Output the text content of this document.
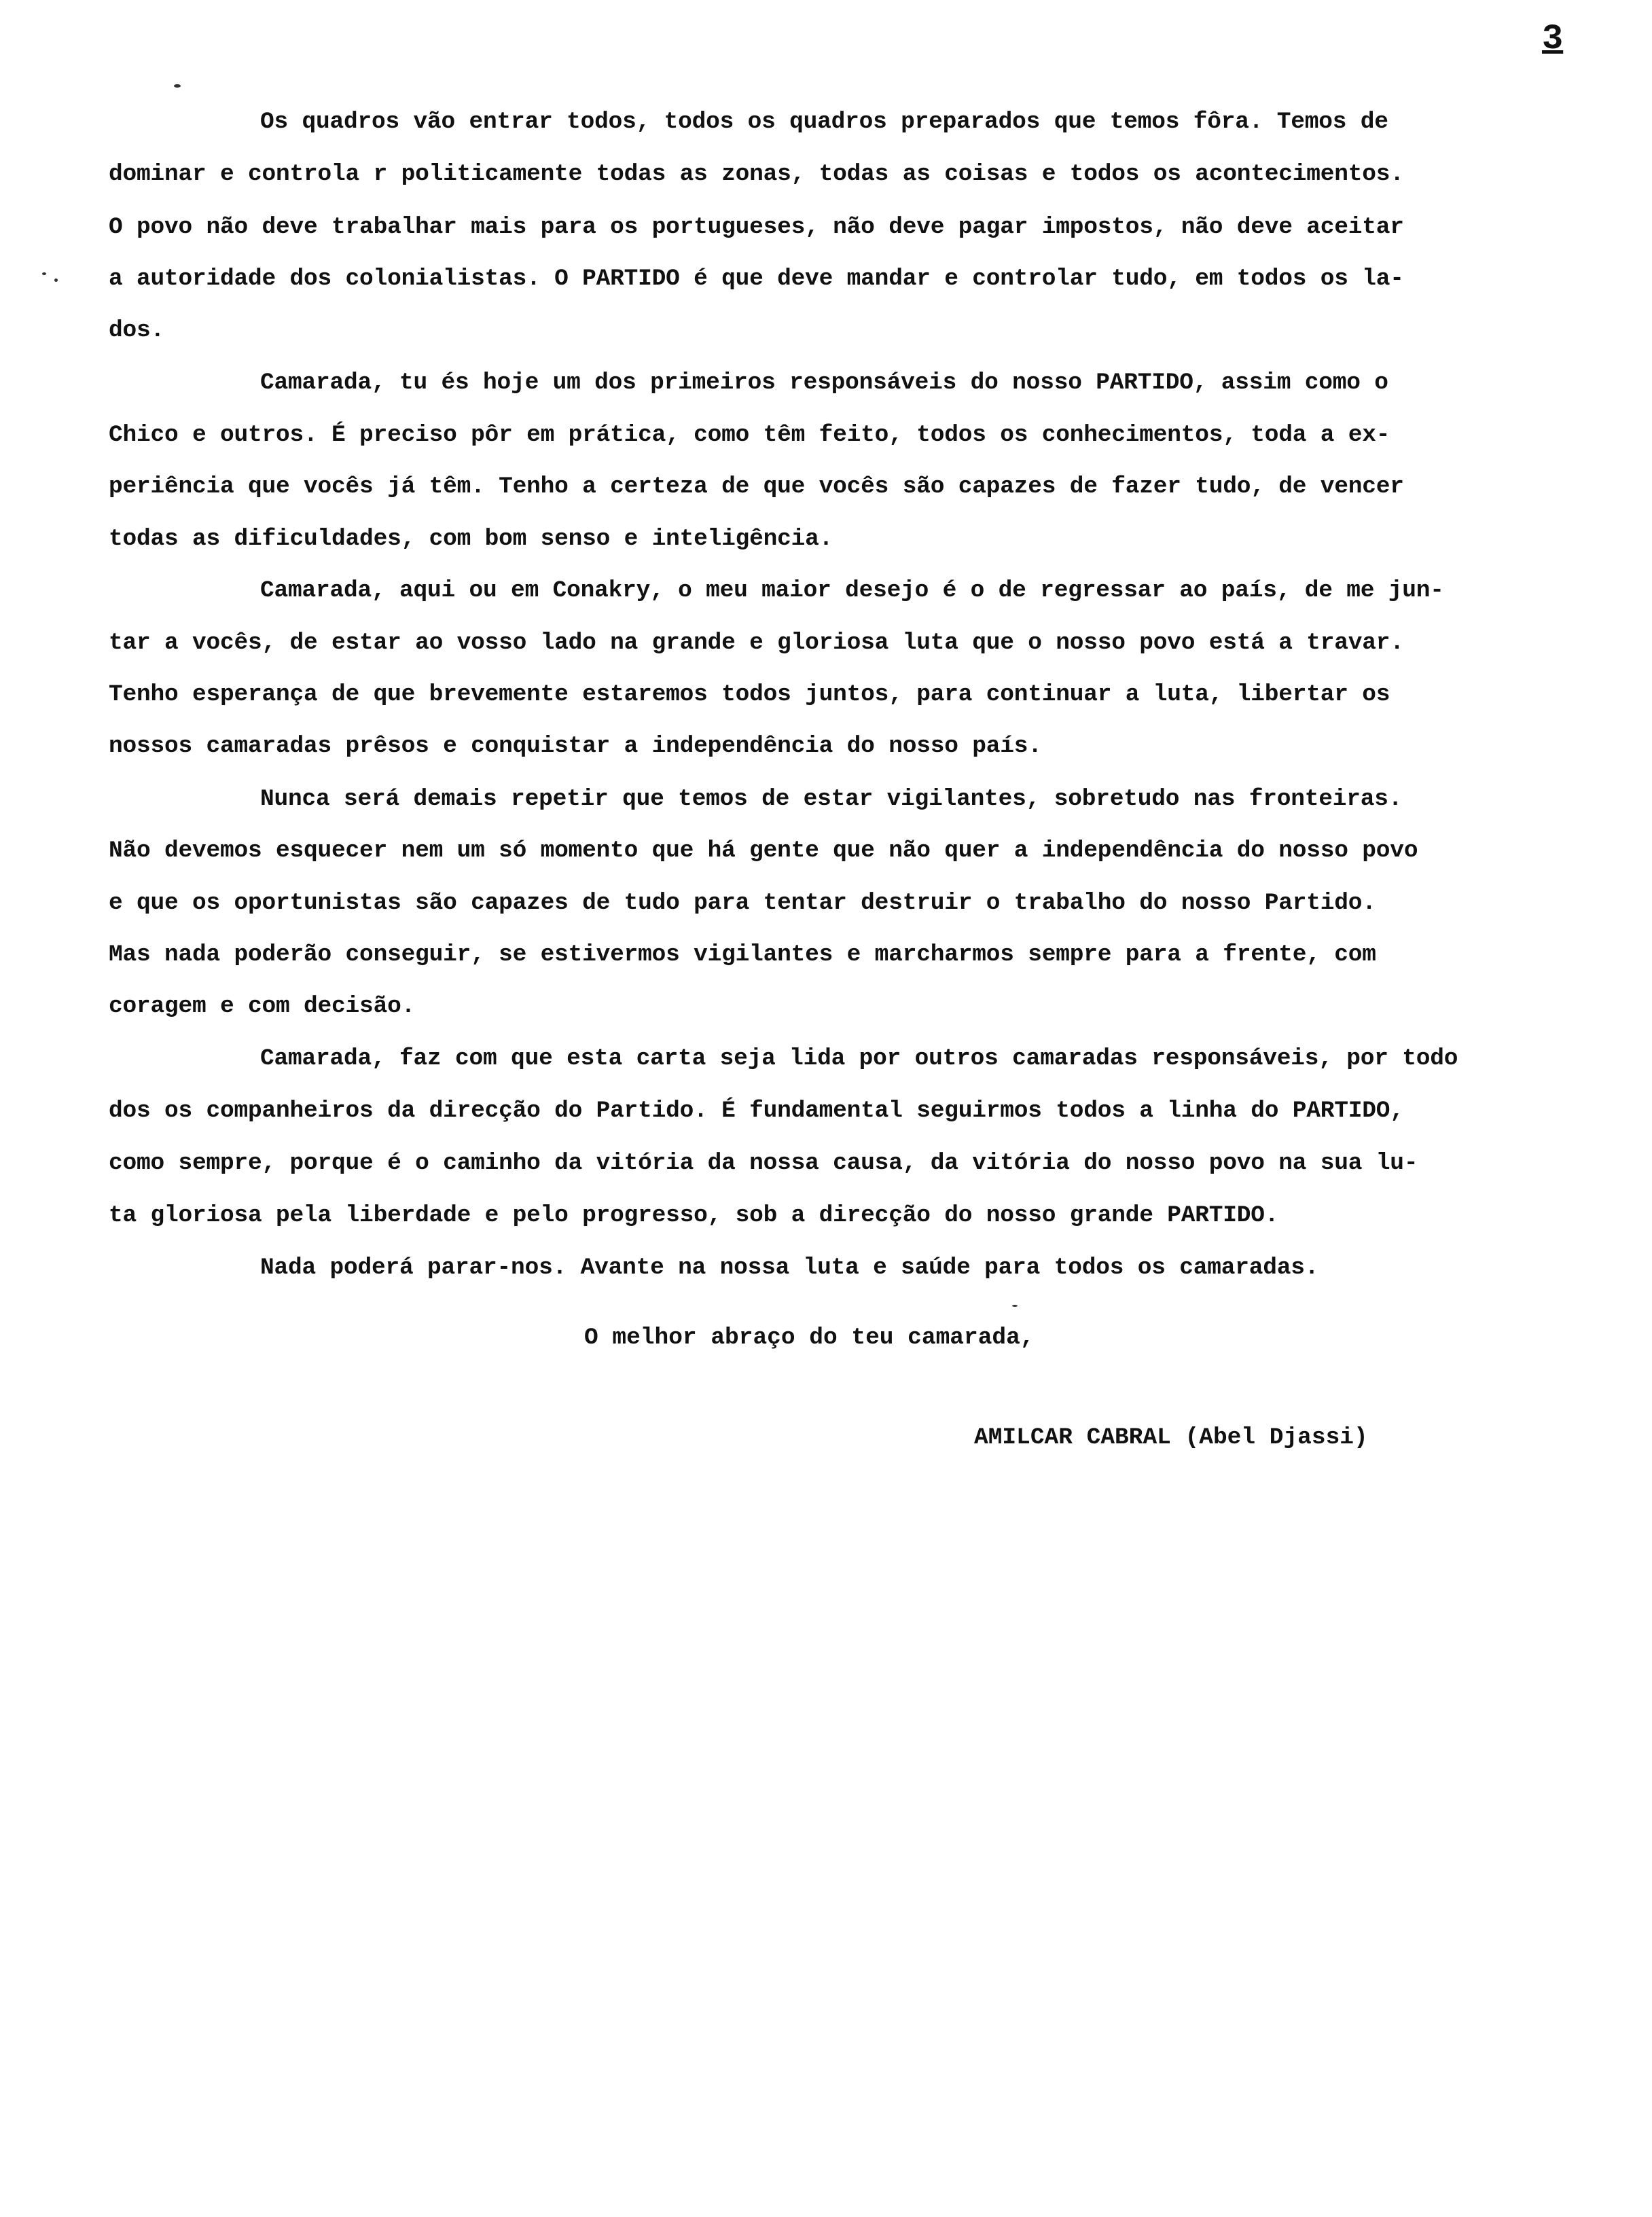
3
Os quadros vão entrar todos, todos os quadros preparados que temos fôra. Temos de
dominar e controla r politicamente todas as zonas, todas as coisas e todos os acontecimentos.
O povo não deve trabalhar mais para os portugueses, não deve pagar impostos, não deve aceitar
a autoridade dos colonialistas. O PARTIDO é que deve mandar e controlar tudo, em todos os la-
dos.
Camarada, tu és hoje um dos primeiros responsáveis do nosso PARTIDO, assim como o
Chico e outros. É preciso pôr em prática, como têm feito, todos os conhecimentos, toda a ex-
periência que vocês já têm. Tenho a certeza de que vocês são capazes de fazer tudo, de vencer
todas as dificuldades, com bom senso e inteligência.
Camarada, aqui ou em Conakry, o meu maior desejo é o de regressar ao país, de me jun-
tar a vocês, de estar ao vosso lado na grande e gloriosa luta que o nosso povo está a travar.
Tenho esperança de que brevemente estaremos todos juntos, para continuar a luta, libertar os
nossos camaradas prêsos e conquistar a independência do nosso país.
Nunca será demais repetir que temos de estar vigilantes, sobretudo nas fronteiras.
Não devemos esquecer nem um só momento que há gente que não quer a independência do nosso povo
e que os oportunistas são capazes de tudo para tentar destruir o trabalho do nosso Partido.
Mas nada poderão conseguir, se estivermos vigilantes e marcharmos sempre para a frente, com
coragem e com decisão.
Camarada, faz com que esta carta seja lida por outros camaradas responsáveis, por todo
dos os companheiros da direcção do Partido. É fundamental seguirmos todos a linha do PARTIDO,
como sempre, porque é o caminho da vitória da nossa causa, da vitória do nosso povo na sua lu-
ta gloriosa pela liberdade e pelo progresso, sob a direcção do nosso grande PARTIDO.
Nada poderá parar-nos. Avante na nossa luta e saúde para todos os camaradas.
O melhor abraço do teu camarada,
AMILCAR CABRAL (Abel Djassi)
